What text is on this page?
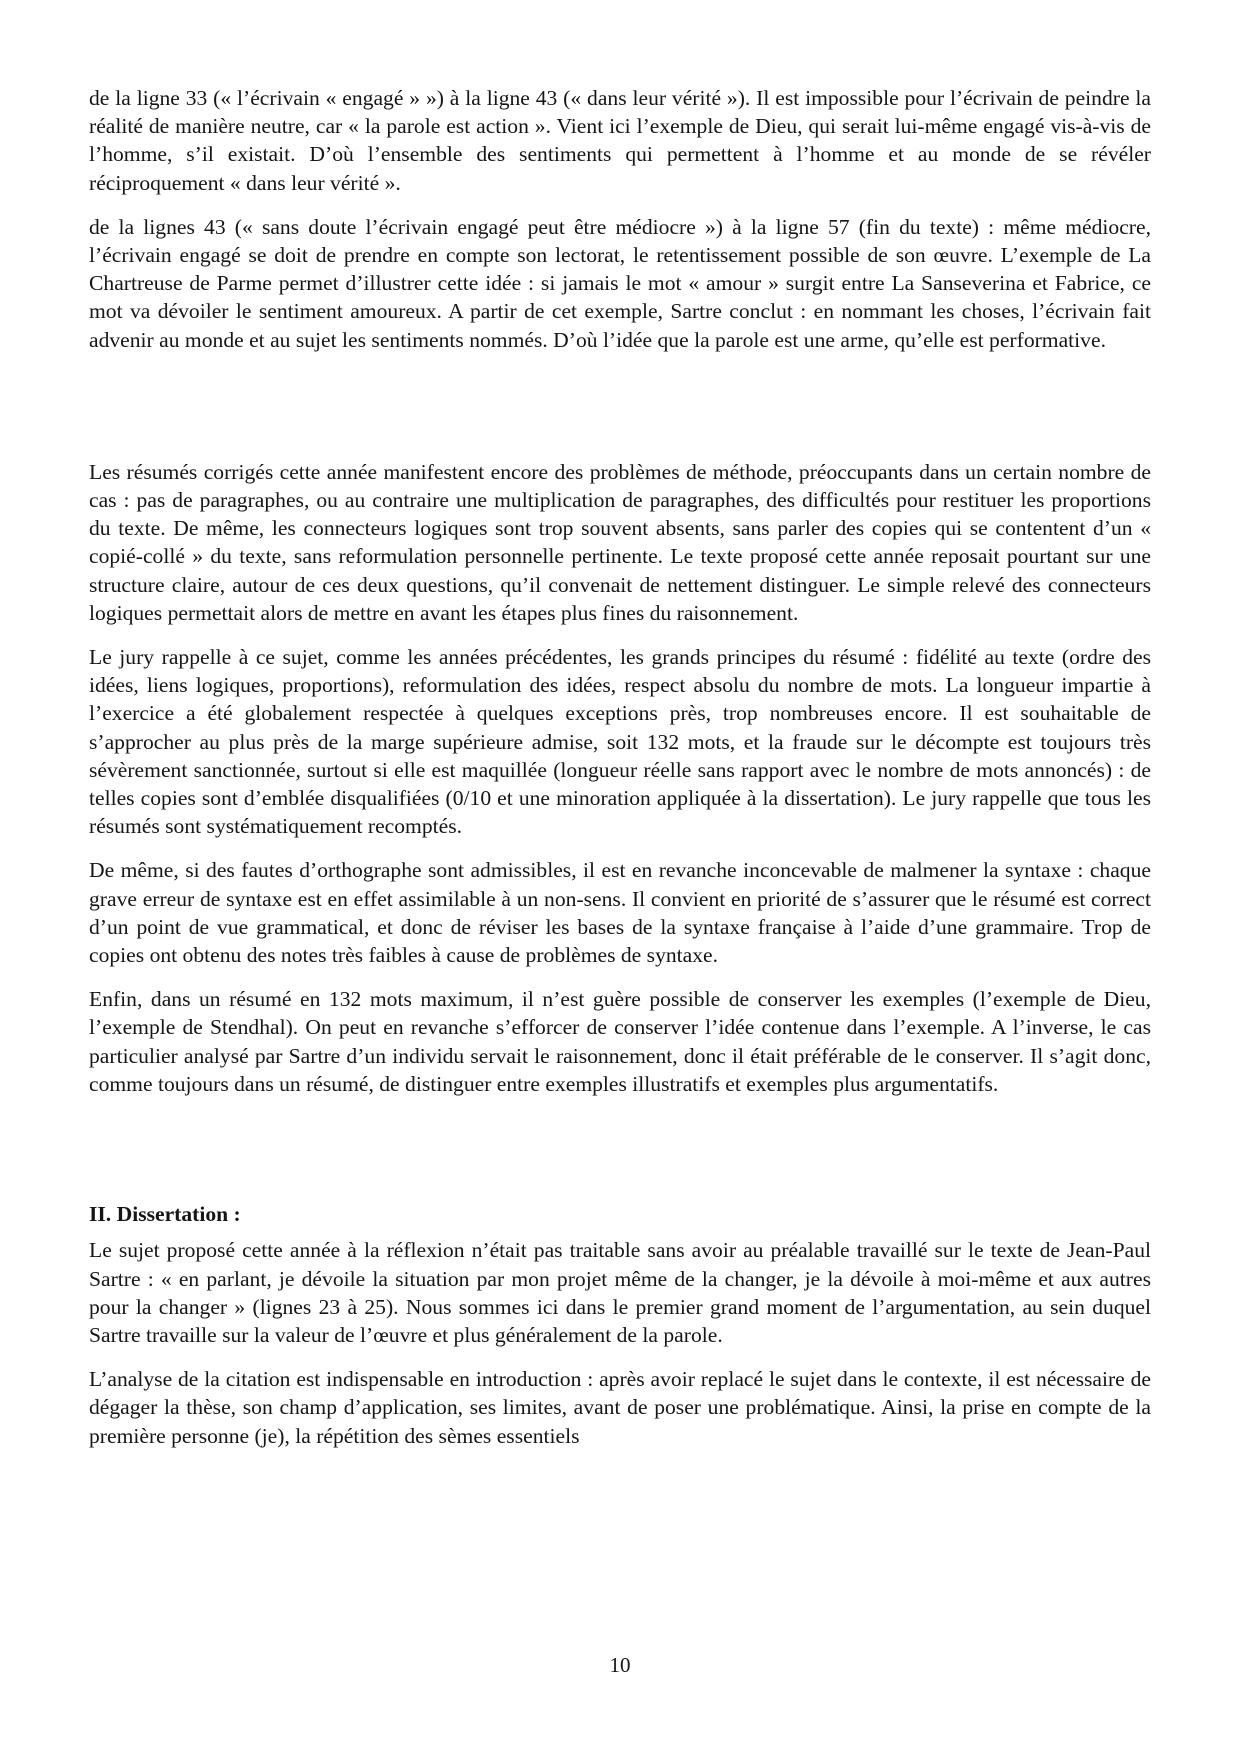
de la ligne 33 (« l’écrivain « engagé » ») à la ligne 43 (« dans leur vérité »). Il est impossible pour l’écrivain de peindre la réalité de manière neutre, car « la parole est action ». Vient ici l’exemple de Dieu, qui serait lui-même engagé vis-à-vis de l’homme, s’il existait. D’où l’ensemble des sentiments qui permettent à l’homme et au monde de se révéler réciproquement « dans leur vérité ».

de la lignes 43 (« sans doute l’écrivain engagé peut être médiocre ») à la ligne 57 (fin du texte) : même médiocre, l’écrivain engagé se doit de prendre en compte son lectorat, le retentissement possible de son œuvre. L’exemple de La Chartreuse de Parme permet d’illustrer cette idée : si jamais le mot « amour » surgit entre La Sanseverina et Fabrice, ce mot va dévoiler le sentiment amoureux. A partir de cet exemple, Sartre conclut : en nommant les choses, l’écrivain fait advenir au monde et au sujet les sentiments nommés. D’où l’idée que la parole est une arme, qu’elle est performative.

Les résumés corrigés cette année manifestent encore des problèmes de méthode, préoccupants dans un certain nombre de cas : pas de paragraphes, ou au contraire une multiplication de paragraphes, des difficultés pour restituer les proportions du texte. De même, les connecteurs logiques sont trop souvent absents, sans parler des copies qui se contentent d’un « copié-collé » du texte, sans reformulation personnelle pertinente. Le texte proposé cette année reposait pourtant sur une structure claire, autour de ces deux questions, qu’il convenait de nettement distinguer. Le simple relevé des connecteurs logiques permettait alors de mettre en avant les étapes plus fines du raisonnement.

Le jury rappelle à ce sujet, comme les années précédentes, les grands principes du résumé : fidélité au texte (ordre des idées, liens logiques, proportions), reformulation des idées, respect absolu du nombre de mots. La longueur impartie à l’exercice a été globalement respectée à quelques exceptions près, trop nombreuses encore. Il est souhaitable de s’approcher au plus près de la marge supérieure admise, soit 132 mots, et la fraude sur le décompte est toujours très sévèrement sanctionnée, surtout si elle est maquillée (longueur réelle sans rapport avec le nombre de mots annoncés) : de telles copies sont d’emblée disqualifiées (0/10 et une minoration appliquée à la dissertation). Le jury rappelle que tous les résumés sont systématiquement recomptés.

De même, si des fautes d’orthographe sont admissibles, il est en revanche inconcevable de malmener la syntaxe : chaque grave erreur de syntaxe est en effet assimilable à un non-sens. Il convient en priorité de s’assurer que le résumé est correct d’un point de vue grammatical, et donc de réviser les bases de la syntaxe française à l’aide d’une grammaire. Trop de copies ont obtenu des notes très faibles à cause de problèmes de syntaxe.

Enfin, dans un résumé en 132 mots maximum, il n’est guère possible de conserver les exemples (l’exemple de Dieu, l’exemple de Stendhal). On peut en revanche s’efforcer de conserver l’idée contenue dans l’exemple. A l’inverse, le cas particulier analysé par Sartre d’un individu servait le raisonnement, donc il était préférable de le conserver. Il s’agit donc, comme toujours dans un résumé, de distinguer entre exemples illustratifs et exemples plus argumentatifs.

II. Dissertation :

Le sujet proposé cette année à la réflexion n’était pas traitable sans avoir au préalable travaillé sur le texte de Jean-Paul Sartre : « en parlant, je dévoile la situation par mon projet même de la changer, je la dévoile à moi-même et aux autres pour la changer » (lignes 23 à 25). Nous sommes ici dans le premier grand moment de l’argumentation, au sein duquel Sartre travaille sur la valeur de l’œuvre et plus généralement de la parole.

L’analyse de la citation est indispensable en introduction : après avoir replacé le sujet dans le contexte, il est nécessaire de dégager la thèse, son champ d’application, ses limites, avant de poser une problématique. Ainsi, la prise en compte de la première personne (je), la répétition des sèmes essentiels

10
